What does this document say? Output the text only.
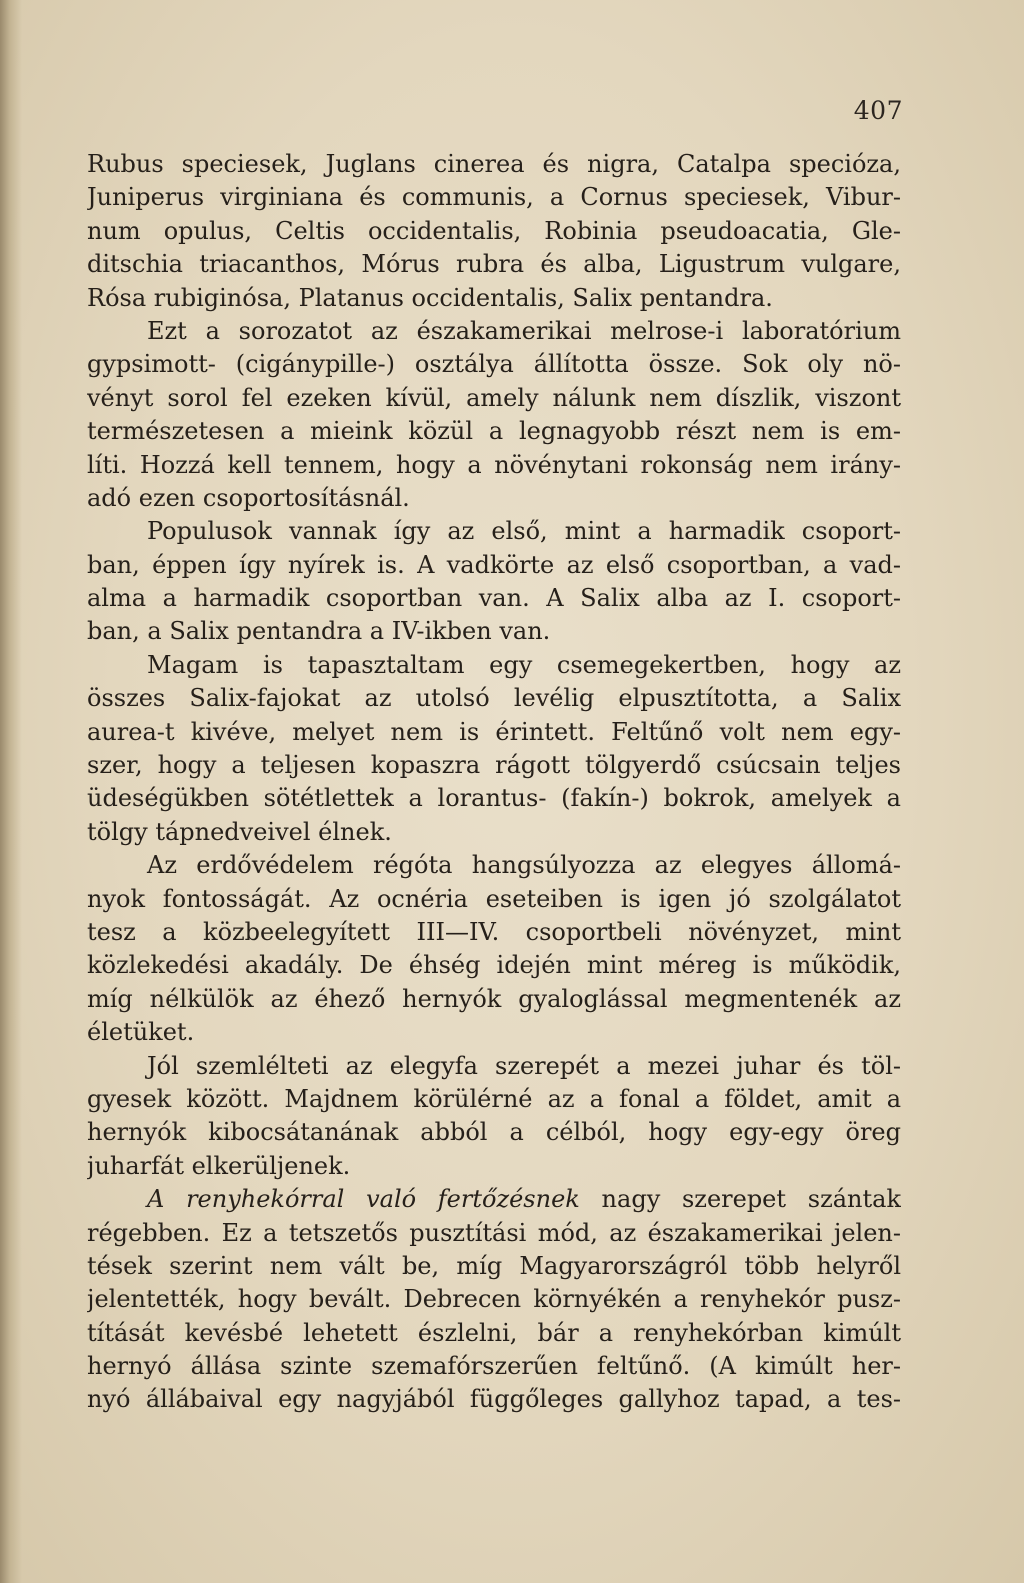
407
Rubus speciesek, Juglans cinerea és nigra, Catalpa specióza,
Juniperus virginiana és communis, a Cornus speciesek, Vibur-
num opulus, Celtis occidentalis, Robinia pseudoacatia, Gle-
ditschia triacanthos, Mórus rubra és alba, Ligustrum vulgare,
Rósa rubiginósa, Platanus occidentalis, Salix pentandra.
Ezt a sorozatot az északamerikai melrose-i laboratórium
gypsimott- (cigánypille-) osztálya állította össze. Sok oly nö-
vényt sorol fel ezeken kívül, amely nálunk nem díszlik, viszont
természetesen a mieink közül a legnagyobb részt nem is em-
líti. Hozzá kell tennem, hogy a növénytani rokonság nem irány-
adó ezen csoportosításnál.
Populusok vannak így az első, mint a harmadik csoport-
ban, éppen így nyírek is. A vadkörte az első csoportban, a vad-
alma a harmadik csoportban van. A Salix alba az I. csoport-
ban, a Salix pentandra a IV-ikben van.
Magam is tapasztaltam egy csemegekertben, hogy az
összes Salix-fajokat az utolsó levélig elpusztította, a Salix
aurea-t kivéve, melyet nem is érintett. Feltűnő volt nem egy-
szer, hogy a teljesen kopaszra rágott tölgyerdő csúcsain teljes
üdeségükben sötétlettek a lorantus- (fakín-) bokrok, amelyek a
tölgy tápnedveivel élnek.
Az erdővédelem régóta hangsúlyozza az elegyes állomá-
nyok fontosságát. Az ocnéria eseteiben is igen jó szolgálatot
tesz a közbeelegyített III—IV. csoportbeli növényzet, mint
közlekedési akadály. De éhség idején mint méreg is működik,
míg nélkülök az éhező hernyók gyaloglással megmentenék az
életüket.
Jól szemlélteti az elegyfa szerepét a mezei juhar és töl-
gyesek között. Majdnem körülérné az a fonal a földet, amit a
hernyók kibocsátanának abból a célból, hogy egy-egy öreg
juharfát elkerüljenek.
A renyhekórral való fertőzésnek nagy szerepet szántak
régebben. Ez a tetszetős pusztítási mód, az északamerikai jelen-
tések szerint nem vált be, míg Magyarországról több helyről
jelentették, hogy bevált. Debrecen környékén a renyhekór pusz-
títását kevésbé lehetett észlelni, bár a renyhekórban kimúlt
hernyó állása szinte szemafórszerűen feltűnő. (A kimúlt her-
nyó állábaival egy nagyjából függőleges gallyhoz tapad, a tes-
